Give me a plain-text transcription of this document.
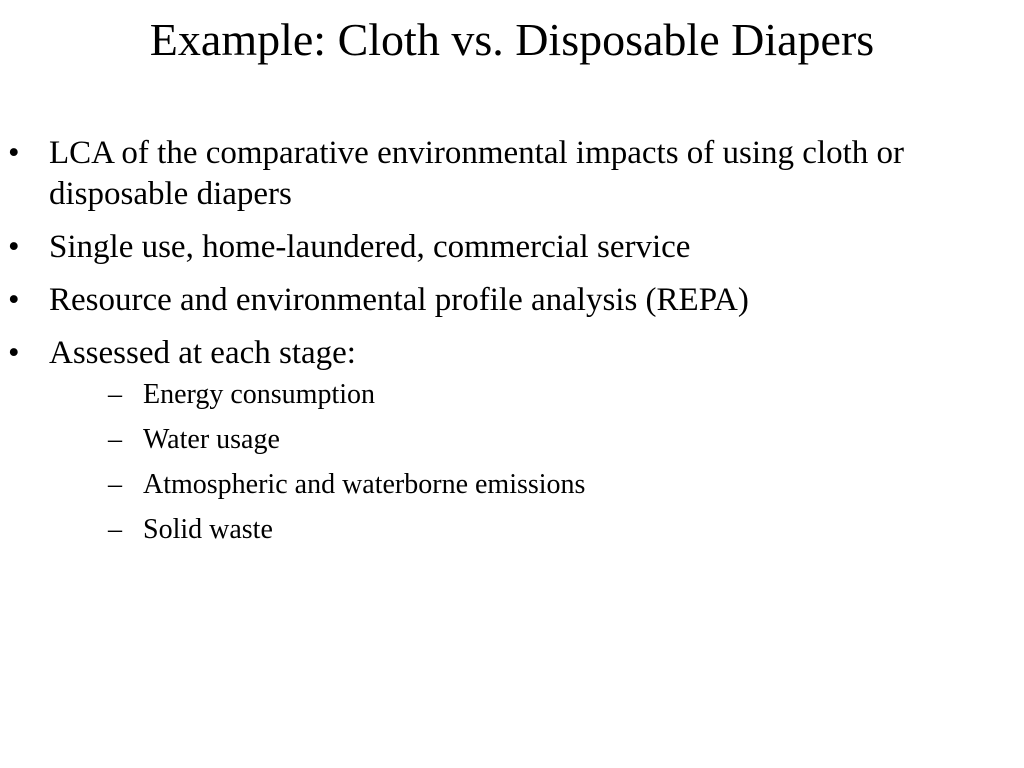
Example: Cloth vs. Disposable Diapers
• LCA of the comparative environmental impacts of using cloth or disposable diapers
• Single use, home-laundered, commercial service
• Resource and environmental profile analysis (REPA)
• Assessed at each stage:
– Energy consumption
– Water usage
– Atmospheric and waterborne emissions
– Solid waste
